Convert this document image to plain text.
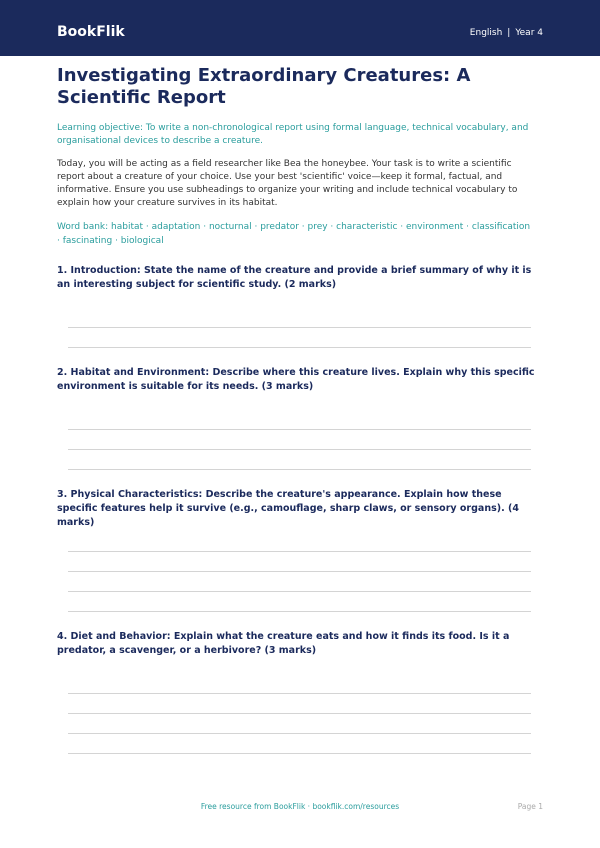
BookFlik	English | Year 4
Investigating Extraordinary Creatures: A Scientific Report
Learning objective: To write a non-chronological report using formal language, technical vocabulary, and organisational devices to describe a creature.
Today, you will be acting as a field researcher like Bea the honeybee. Your task is to write a scientific report about a creature of your choice. Use your best 'scientific' voice—keep it formal, factual, and informative. Ensure you use subheadings to organize your writing and include technical vocabulary to explain how your creature survives in its habitat.
Word bank: habitat · adaptation · nocturnal · predator · prey · characteristic · environment · classification · fascinating · biological
1. Introduction: State the name of the creature and provide a brief summary of why it is an interesting subject for scientific study. (2 marks)
2. Habitat and Environment: Describe where this creature lives. Explain why this specific environment is suitable for its needs. (3 marks)
3. Physical Characteristics: Describe the creature's appearance. Explain how these specific features help it survive (e.g., camouflage, sharp claws, or sensory organs). (4 marks)
4. Diet and Behavior: Explain what the creature eats and how it finds its food. Is it a predator, a scavenger, or a herbivore? (3 marks)
Free resource from BookFlik · bookflik.com/resources	Page 1
